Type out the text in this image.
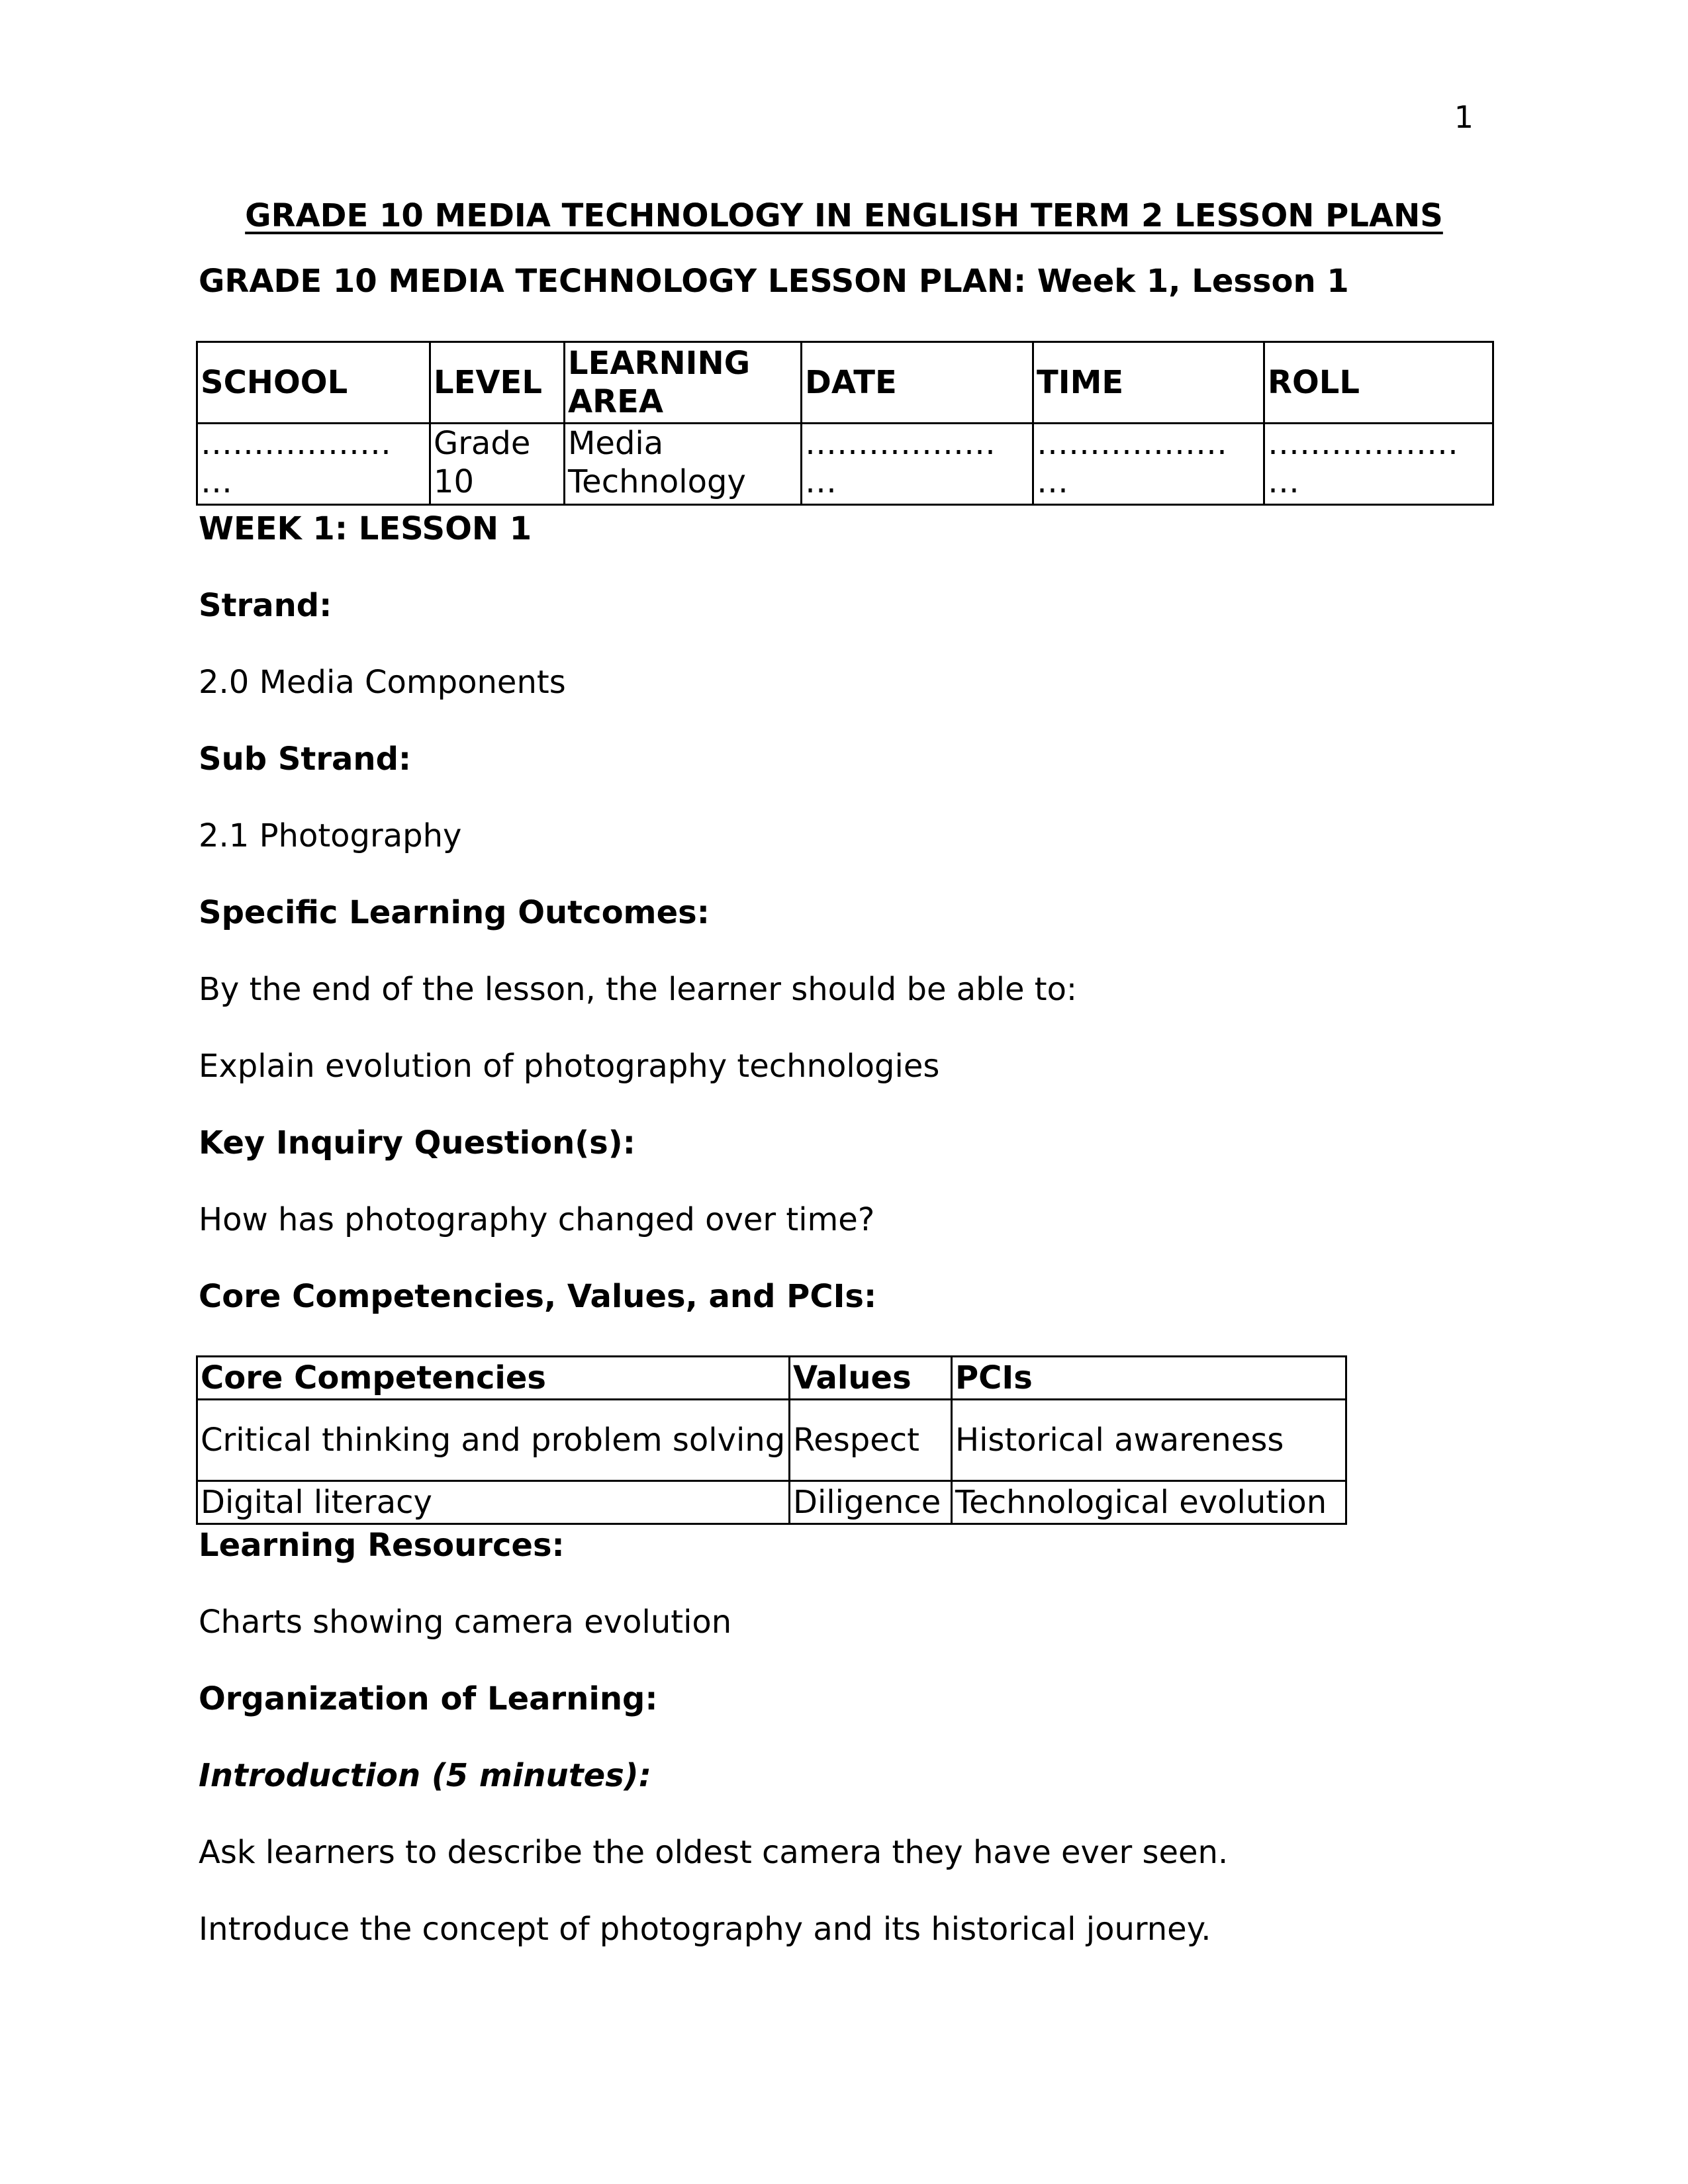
1
GRADE 10 MEDIA TECHNOLOGY IN ENGLISH TERM 2 LESSON PLANS
GRADE 10 MEDIA TECHNOLOGY LESSON PLAN: Week 1, Lesson 1
SCHOOL	LEVEL	LEARNING AREA	DATE	TIME	ROLL
……………… …	Grade 10	Media Technology	……………… …	……………… …	……………… …
WEEK 1: LESSON 1
Strand:
2.0 Media Components
Sub Strand:
2.1 Photography
Specific Learning Outcomes:
By the end of the lesson, the learner should be able to:
Explain evolution of photography technologies
Key Inquiry Question(s):
How has photography changed over time?
Core Competencies, Values, and PCIs:
Core Competencies	Values	PCIs
Critical thinking and problem solving	Respect	Historical awareness
Digital literacy	Diligence	Technological evolution
Learning Resources:
Charts showing camera evolution
Organization of Learning:
Introduction (5 minutes):
Ask learners to describe the oldest camera they have ever seen.
Introduce the concept of photography and its historical journey.
